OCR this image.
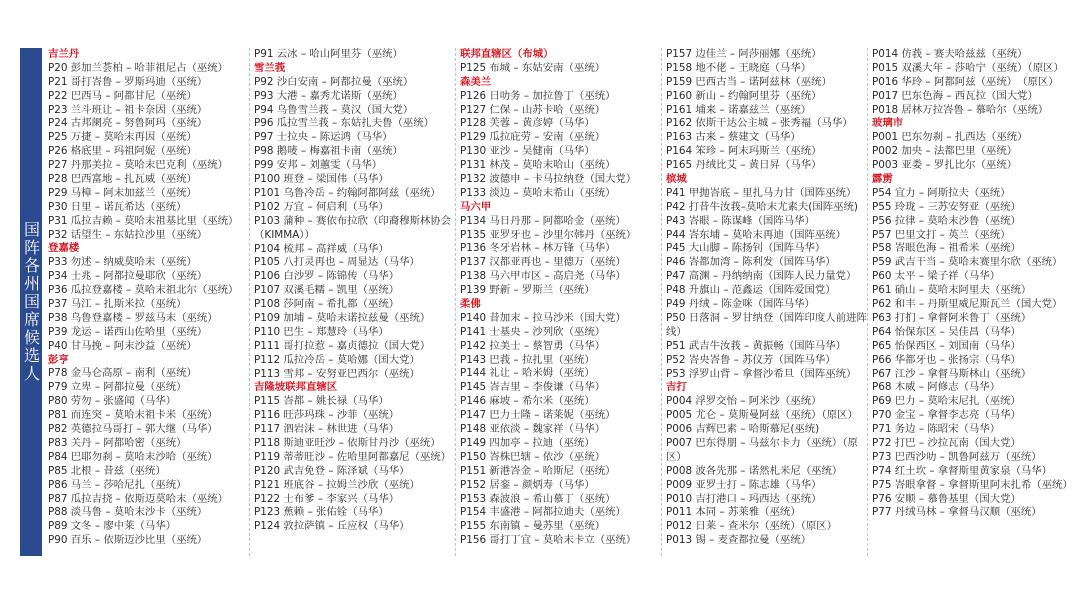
国阵各州国席候选人
吉兰丹
P20 彭加兰荟柏 – 哈菲祖尼占（巫统）
P21 哥打峇鲁 – 罗斯玛迪（巫统）
P22 巴西马 – 阿都甘尼（巫统）
P23 兰斗班让 – 祖卡奈因（巫统）
P24 古邦阑亮 – 努鲁阿玛（巫统）
P25 万捷 – 莫哈末再因（巫统）
P26 格底里 – 玛祖阿妮（巫统）
P27 丹那美拉 – 莫哈末巴克利（巫统）
P28 巴西富地 – 扎瓦威（巫统）
P29 马樟 – 阿末加兹兰（巫统）
P30 日里 – 诺瓦希达（巫统）
P31 瓜拉吉赖 – 莫哈末祖基比里（巫统）
P32 话望生 – 东姑拉沙里（巫统）
登嘉楼
P33 勿述 – 纳威莫哈末（巫统）
P34 士兆 – 阿都拉曼耶欣（巫统）
P36 瓜拉登嘉楼 – 莫哈末祖北尔（巫统）
P37 马江 – 扎斯米拉（巫统）
P38 乌鲁登嘉楼 – 罗兹马末（巫统）
P39 龙运 – 诺西山佐哈里（巫统）
P40 甘马挽 – 阿末沙益（巫统）
彭亨
P78 金马仑高原 – 南利（巫统）
P79 立卑 – 阿都拉曼（巫统）
P80 劳勿 – 张盛闻（马华）
P81 而连突 – 莫哈末祖卡米（巫统）
P82 英德拉马哥打 – 郭大继（马华）
P83 关丹 – 阿都哈密（巫统）
P84 巴耶勿刹 – 莫哈末沙哈（巫统）
P85 北根 – 昔兹（巫统）
P86 马兰 – 莎哈尼扎（巫统）
P87 瓜拉吉挠 – 依斯迈莫哈末（巫统）
P88 淡马鲁 – 莫哈末沙卡（巫统）
P89 文冬 – 廖中莱（马华）
P90 百乐 – 依斯迈沙比里（巫统）
P91 云冰 – 哈山阿里芬（巫统）
雪兰莪
P92 沙白安南 – 阿都拉曼（巫统）
P93 大港 – 嘉秀尤诺斯（巫统）
P94 乌鲁雪兰莪 – 莫汉（国大党）
P96 瓜拉雪兰莪 – 东姑扎夫鲁（巫统）
P97 士拉央 – 陈运鸿（马华）
P98 鹅唛 – 梅嘉祖卡南（巫统）
P99 安邦 – 刘蕙雯（马华）
P100 班登 – 梁国伟（马华）
P101 乌鲁冷岳 – 约翰阿都阿兹（巫统）
P102 万宜 – 何启利（马华）
P103 蒲种 – 赛依布拉欣（印裔穆斯林协会（KIMMA））
P104 梳邦 – 高祥威（马华）
P105 八打灵再也 – 周显达（马华）
P106 白沙罗 – 陈锦传（马华）
P107 双溪毛糯 – 凯里（巫统）
P108 莎阿南 – 希扎都（巫统）
P109 加埔 – 莫哈末诺拉兹曼（巫统）
P110 巴生 – 郑慧玲（马华）
P111 哥打拉惹 – 嘉贞德拉（国大党）
P112 瓜拉冷岳 – 莫哈娜（国大党）
P113 雪邦 – 安努亚巴西尔（巫统）
吉隆坡联邦直辖区
P115 峇都 – 姚长禄（马华）
P116 旺莎玛珠 – 沙菲（巫统）
P117 泗岩沫 – 林世进（马华）
P118 斯迪亚旺沙 – 依斯甘丹沙（巫统）
P119 蒂蒂旺沙 – 佐哈里阿都嘉尼（巫统）
P120 武吉免登 – 陈泽斌（马华）
P121 班底谷 – 拉姆兰沙欣（巫统）
P122 士布爹 – 李家兴（马华）
P123 蕉赖 – 张佑铨（马华）
P124 敦拉萨镇 – 丘应权（马华）
联邦直辖区（布城）
P125 布城 – 东姑安南（巫统）
森美兰
P126 日叻务 – 加拉鲁丁（巫统）
P127 仁保 – 山苏卡哈（巫统）
P128 芙蓉 – 黄彦婷（马华）
P129 瓜拉庇劳 – 安南（巫统）
P130 亚沙 – 吴健南（马华）
P131 林茂 – 莫哈末哈山（巫统）
P132 波德申 – 卡马拉纳登（国大党）
P133 淡边 – 莫哈末希山（巫统）
马六甲
P134 马日丹那 – 阿都哈金（巫统）
P135 亚罗牙也 – 沙里尔韩丹（巫统）
P136 冬牙岩林 – 林万锋（马华）
P137 汉都亚再也 – 里德万（巫统）
P138 马六甲市区 – 高启尧（马华）
P139 野新 – 罗斯兰（巫统）
柔佛
P140 昔加末 – 拉马沙米（国大党）
P141 士基央 – 沙列欣（巫统）
P142 拉美士 – 蔡智勇（马华）
P143 巴莪 – 拉扎里（巫统）
P144 礼让 – 哈米姆（巫统）
P145 峇吉里 – 李俊谦（马华）
P146 麻坡 – 希尔米（巫统）
P147 巴力士隆 – 诺莱妮（巫统）
P148 亚依淡 – 魏家祥（马华）
P149 四加亭 – 拉迪（巫统）
P150 峇株巴辖 – 依沙（巫统）
P151 新港峇金 – 哈斯尼（巫统）
P152 居銮 – 颜炳寿（马华）
P153 森波浪 – 希山慕丁（巫统）
P154 丰盛港 – 阿都拉迪夫（巫统）
P155 东南镇 – 曼苏里（巫统）
P156 哥打丁宜 – 莫哈末卡立（巫统）
P157 边佳兰 – 阿莎丽娜（巫统）
P158 地不佬 – 王晓庭（马华）
P159 巴西古当 – 诺阿兹林（巫统）
P160 新山 – 约翰阿里芬（巫统）
P161 埔来 – 诺嘉兹兰（巫统）
P162 依斯干达公主城 – 张秀福（马华）
P163 古来 – 蔡建文（马华）
P164 笨珍 – 阿末玛斯兰（巫统）
P165 丹绒比艾 – 黄日昇（马华）
槟城
P41 甲抛峇底 – 里扎马力甘（国阵巫统）
P42 打昔牛汝莪–莫哈末尤素夫(国阵巫统)
P43 峇眼 – 陈谋峰（国阵马华）
P44 峇东埔 – 莫哈末再迪（国阵巫统）
P45 大山脚 – 陈扬钊（国阵马华）
P46 峇都加湾 – 陈利发（国阵马华）
P47 高渊 – 丹纳纳南（国阵人民力量党）
P48 升旗山 – 范鑫运（国阵爱国党）
P49 丹绒 – 陈金咪（国阵马华）
P50 日落洞 – 罗甘纳登（国阵印度人前进阵线）
P51 武吉牛汝莪 – 黄振畅（国阵马华）
P52 峇央峇鲁 – 苏仪芳（国阵马华）
P53 浮罗山背 – 拿督沙希旦（国阵巫统）
吉打
P004 浮罗交怡 – 阿米沙（巫统）
P005 尤仑 – 莫斯曼阿兹（巫统）（原区）
P006 吉辉巴素 – 哈斯慕尼(巫统)
P007 巴东得朋 – 马兹尔卡力（巫统）（原区）
P008 波各先那 – 诺然札米尼（巫统）
P009 亚罗士打 – 陈志雄（马华）
P010 吉打港口 – 玛西达（巫统）
P011 本同 – 苏莱雅（巫统）
P012 日莱 – 查米尔（巫统）（原区）
P013 锡 – 麦查都拉曼（巫统）
P014 仿莪 – 赛夫哈兹兹（巫统）
P015 双溪大年 – 莎哈宁（巫统）（原区）
P016 华玲 – 阿都阿兹（巫统）　（原区）
P017 巴东色海 – 西瓦拉（国大党）
P018 居林万拉峇鲁 – 慕哈尔（巫统）
玻璃市
P001 巴东勿刹 – 扎西达（巫统）
P002 加央 – 法都巴里（巫统）
P003 亚娄 – 罗扎比尔（巫统）
霹雳
P54 宜力 – 阿斯拉夫（巫统）
P55 玲珑 – 三苏安努亚（巫统）
P56 拉律 – 莫哈末沙鲁（巫统）
P57 巴里文打 – 英兰（巫统）
P58 峇眼色海 – 祖希米（巫统）
P59 武吉干当 – 莫哈末赛里尔欣（巫统）
P60 太平 – 梁子祥（马华）
P61 硝山 – 莫哈末阿里夫（巫统）
P62 和丰 – 丹斯里威尼斯瓦兰（国大党）
P63 打扪 – 拿督阿米鲁丁（巫统）
P64 怡保东区 – 吴佳昌（马华）
P65 怡保西区 – 刘国南（马华）
P66 华都牙也 – 张扬宗（马华）
P67 江沙 – 拿督马斯林山（巫统）
P68 木威 – 阿修志（马华）
P69 巴力 – 莫哈末尼扎（巫统）
P70 金宝 – 拿督李志亮（马华）
P71 务边 – 陈昭宋（马华）
P72 打巴 – 沙拉瓦南（国大党）
P73 巴西沙叻 – 凯鲁阿兹万（巫统）
P74 红土坎 – 拿督斯里黄家泉（马华）
P75 峇眼拿督 – 拿督斯里阿末扎希（巫统）
P76 安顺 – 慕鲁基里（国大党）
P77 丹绒马林 – 拿督马汉顺（巫统）
